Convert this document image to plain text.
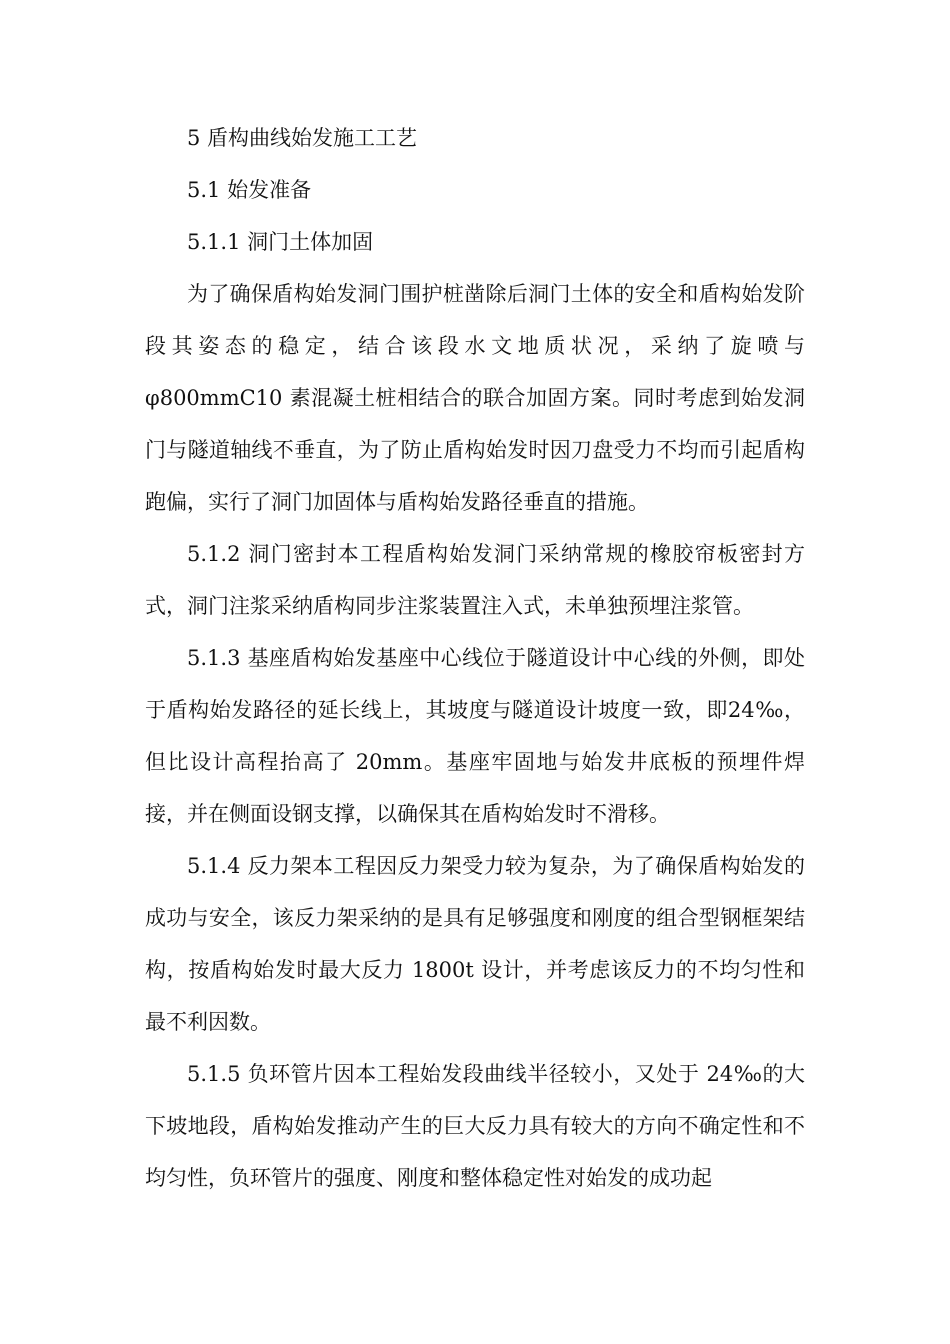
5 盾构曲线始发施工工艺

5.1 始发准备

5.1.1 洞门土体加固

为了确保盾构始发洞门围护桩凿除后洞门土体的安全和盾构始发阶段其姿态的稳定，结合该段水文地质状况，采纳了旋喷与φ800mmC10 素混凝土桩相结合的联合加固方案。同时考虑到始发洞门与隧道轴线不垂直，为了防止盾构始发时因刀盘受力不均而引起盾构跑偏，实行了洞门加固体与盾构始发路径垂直的措施。

5.1.2 洞门密封本工程盾构始发洞门采纳常规的橡胶帘板密封方式，洞门注浆采纳盾构同步注浆装置注入式，未单独预埋注浆管。

5.1.3 基座盾构始发基座中心线位于隧道设计中心线的外侧，即处于盾构始发路径的延长线上，其坡度与隧道设计坡度一致，即24‰，但比设计高程抬高了 20mm。基座牢固地与始发井底板的预埋件焊接，并在侧面设钢支撑，以确保其在盾构始发时不滑移。

5.1.4 反力架本工程因反力架受力较为复杂，为了确保盾构始发的成功与安全，该反力架采纳的是具有足够强度和刚度的组合型钢框架结构，按盾构始发时最大反力 1800t 设计，并考虑该反力的不均匀性和最不利因数。

5.1.5 负环管片因本工程始发段曲线半径较小，又处于 24‰的大下坡地段，盾构始发推动产生的巨大反力具有较大的方向不确定性和不均匀性，负环管片的强度、刚度和整体稳定性对始发的成功起
